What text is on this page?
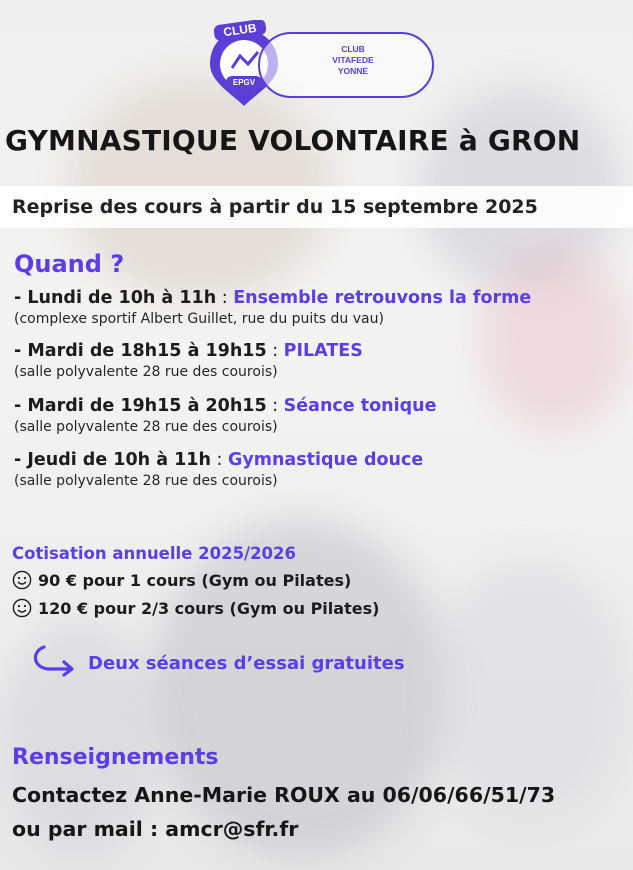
EPGV
CLUB
CLUB
VITAFEDE
YONNE
GYMNASTIQUE VOLONTAIRE à GRON
Reprise des cours à partir du 15 septembre 2025
Quand ?
- Lundi de 10h à 11h : Ensemble retrouvons la forme
(complexe sportif Albert Guillet, rue du puits du vau)
- Mardi de 18h15 à 19h15 : PILATES
(salle polyvalente 28 rue des courois)
- Mardi de 19h15 à 20h15 : Séance tonique
(salle polyvalente 28 rue des courois)
- Jeudi de 10h à 11h : Gymnastique douce
(salle polyvalente 28 rue des courois)
Cotisation annuelle 2025/2026
90 € pour 1 cours (Gym ou Pilates)
120 € pour 2/3 cours (Gym ou Pilates)
Deux séances d’essai gratuites
Renseignements
Contactez Anne-Marie ROUX au 06/06/66/51/73
ou par mail : amcr@sfr.fr
